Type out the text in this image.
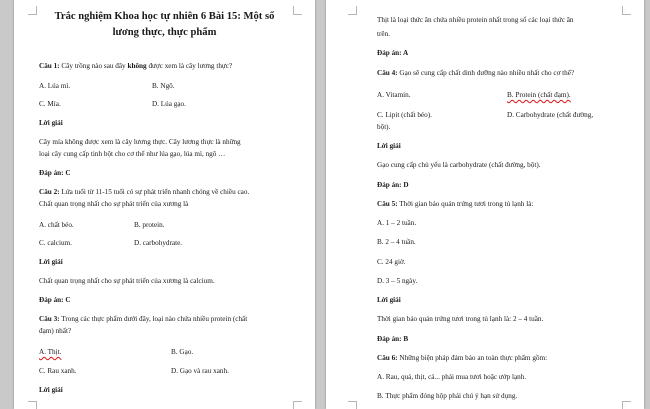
Trắc nghiệm Khoa học tự nhiên 6 Bài 15: Một số
lương thực, thực phẩm
Câu 1: Cây trồng nào sau đây không được xem là cây lương thực?
A. Lúa mì.	B. Ngô.
C. Mía.	D. Lúa gạo.
Lời giải
Cây mía không được xem là cây lương thực. Cây lương thực là những
loại cây cung cấp tinh bột cho cơ thể như lúa gạo, lúa mì, ngô …
Đáp án: C
Câu 2: Lứa tuổi từ 11-15 tuổi có sự phát triển nhanh chóng về chiều cao.
Chất quan trọng nhất cho sự phát triển của xương là
A. chất béo.	B. protein.
C. calcium.	D. carbohydrate.
Lời giải
Chất quan trọng nhất cho sự phát triển của xương là calcium.
Đáp án: C
Câu 3: Trong các thực phẩm dưới đây, loại nào chứa nhiều protein (chất
đạm) nhất?
A. Thịt.	B. Gạo.
C. Rau xanh.	D. Gạo và rau xanh.
Lời giải
Thịt là loại thức ăn chứa nhiều protein nhất trong số các loại thức ăn
trên.
Đáp án: A
Câu 4: Gạo sẽ cung cấp chất dinh dưỡng nào nhiều nhất cho cơ thể?
A. Vitamin.	B. Protein (chất đạm).
C. Lipit (chất béo).	D. Carbohydrate (chất đường,
bột).
Lời giải
Gạo cung cấp chủ yếu là carbohydrate (chất đường, bột).
Đáp án: D
Câu 5: Thời gian bảo quản trứng tươi trong tủ lạnh là:
A. 1 – 2 tuần.
B. 2 – 4 tuần.
C. 24 giờ.
D. 3 – 5 ngày.
Lời giải
Thời gian bảo quản trứng tươi trong tủ lạnh là: 2 – 4 tuần.
Đáp án: B
Câu 6: Những biện pháp đảm bảo an toàn thực phẩm gồm:
A. Rau, quả, thịt, cá... phải mua tươi hoặc ướp lạnh.
B. Thực phẩm đóng hộp phải chú ý hạn sử dụng.
